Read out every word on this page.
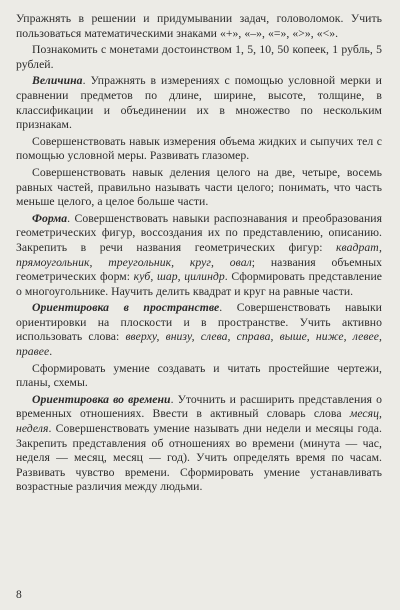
Упражнять в решении и придумывании задач, головоломок. Учить пользоваться математическими знаками «+», «–», «=», «>», «<».

Познакомить с монетами достоинством 1, 5, 10, 50 копеек, 1 рубль, 5 рублей.

Величина. Упражнять в измерениях с помощью условной мерки и сравнении предметов по длине, ширине, высоте, толщине, в классификации и объединении их в множество по нескольким признакам.

Совершенствовать навык измерения объема жидких и сыпучих тел с помощью условной меры. Развивать глазомер.

Совершенствовать навык деления целого на две, четыре, восемь равных частей, правильно называть части целого; понимать, что часть меньше целого, а целое больше части.

Форма. Совершенствовать навыки распознавания и преобразования геометрических фигур, воссоздания их по представлению, описанию. Закрепить в речи названия геометрических фигур: квадрат, прямоугольник, треугольник, круг, овал; названия объемных геометрических форм: куб, шар, цилиндр. Сформировать представление о многоугольнике. Научить делить квадрат и круг на равные части.

Ориентировка в пространстве. Совершенствовать навыки ориентировки на плоскости и в пространстве. Учить активно использовать слова: вверху, внизу, слева, справа, выше, ниже, левее, правее.

Сформировать умение создавать и читать простейшие чертежи, планы, схемы.

Ориентировка во времени. Уточнить и расширить представления о временных отношениях. Ввести в активный словарь слова месяц, неделя. Совершенствовать умение называть дни недели и месяцы года. Закрепить представления об отношениях во времени (минута — час, неделя — месяц, месяц — год). Учить определять время по часам. Развивать чувство времени. Сформировать умение устанавливать возрастные различия между людьми.

8
